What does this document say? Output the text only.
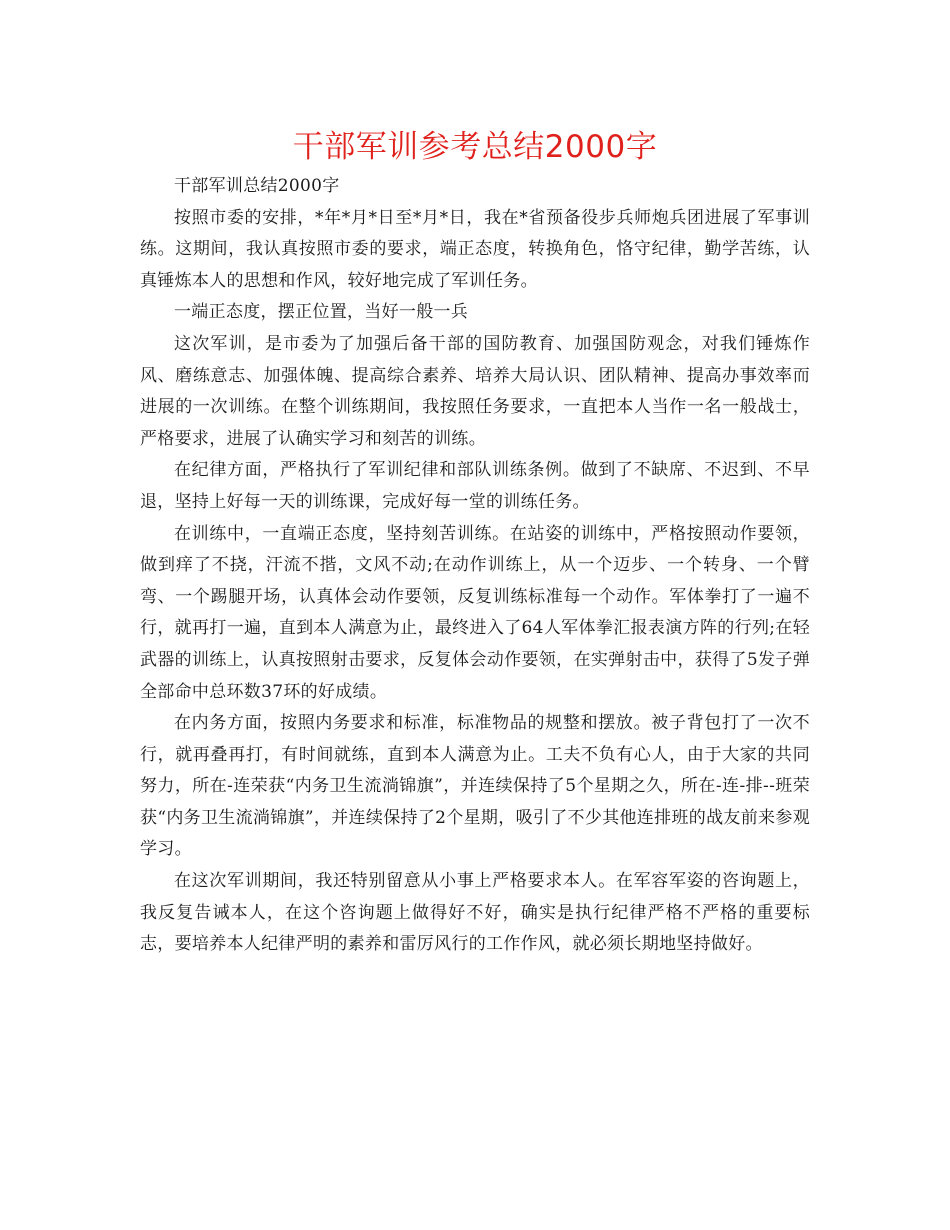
干部军训参考总结2000字

干部军训总结2000字

按照市委的安排，*年*月*日至*月*日，我在*省预备役步兵师炮兵团进展了军事训练。这期间，我认真按照市委的要求，端正态度，转换角色，恪守纪律，勤学苦练，认真锤炼本人的思想和作风，较好地完成了军训任务。

一端正态度，摆正位置，当好一般一兵

这次军训，是市委为了加强后备干部的国防教育、加强国防观念，对我们锤炼作风、磨练意志、加强体魄、提高综合素养、培养大局认识、团队精神、提高办事效率而进展的一次训练。在整个训练期间，我按照任务要求，一直把本人当作一名一般战士，严格要求，进展了认确实学习和刻苦的训练。

在纪律方面，严格执行了军训纪律和部队训练条例。做到了不缺席、不迟到、不早退，坚持上好每一天的训练课，完成好每一堂的训练任务。

在训练中，一直端正态度，坚持刻苦训练。在站姿的训练中，严格按照动作要领，做到痒了不挠，汗流不揩，文风不动;在动作训练上，从一个迈步、一个转身、一个臂弯、一个踢腿开场，认真体会动作要领，反复训练标准每一个动作。军体拳打了一遍不行，就再打一遍，直到本人满意为止，最终进入了64人军体拳汇报表演方阵的行列;在轻武器的训练上，认真按照射击要求，反复体会动作要领，在实弹射击中，获得了5发子弹全部命中总环数37环的好成绩。

在内务方面，按照内务要求和标准，标准物品的规整和摆放。被子背包打了一次不行，就再叠再打，有时间就练，直到本人满意为止。工夫不负有心人，由于大家的共同努力，所在-连荣获“内务卫生流淌锦旗”，并连续保持了5个星期之久，所在-连-排--班荣获“内务卫生流淌锦旗”，并连续保持了2个星期，吸引了不少其他连排班的战友前来参观学习。

在这次军训期间，我还特别留意从小事上严格要求本人。在军容军姿的咨询题上，我反复告诫本人，在这个咨询题上做得好不好，确实是执行纪律严格不严格的重要标志，要培养本人纪律严明的素养和雷厉风行的工作作风，就必须长期地坚持做好。
